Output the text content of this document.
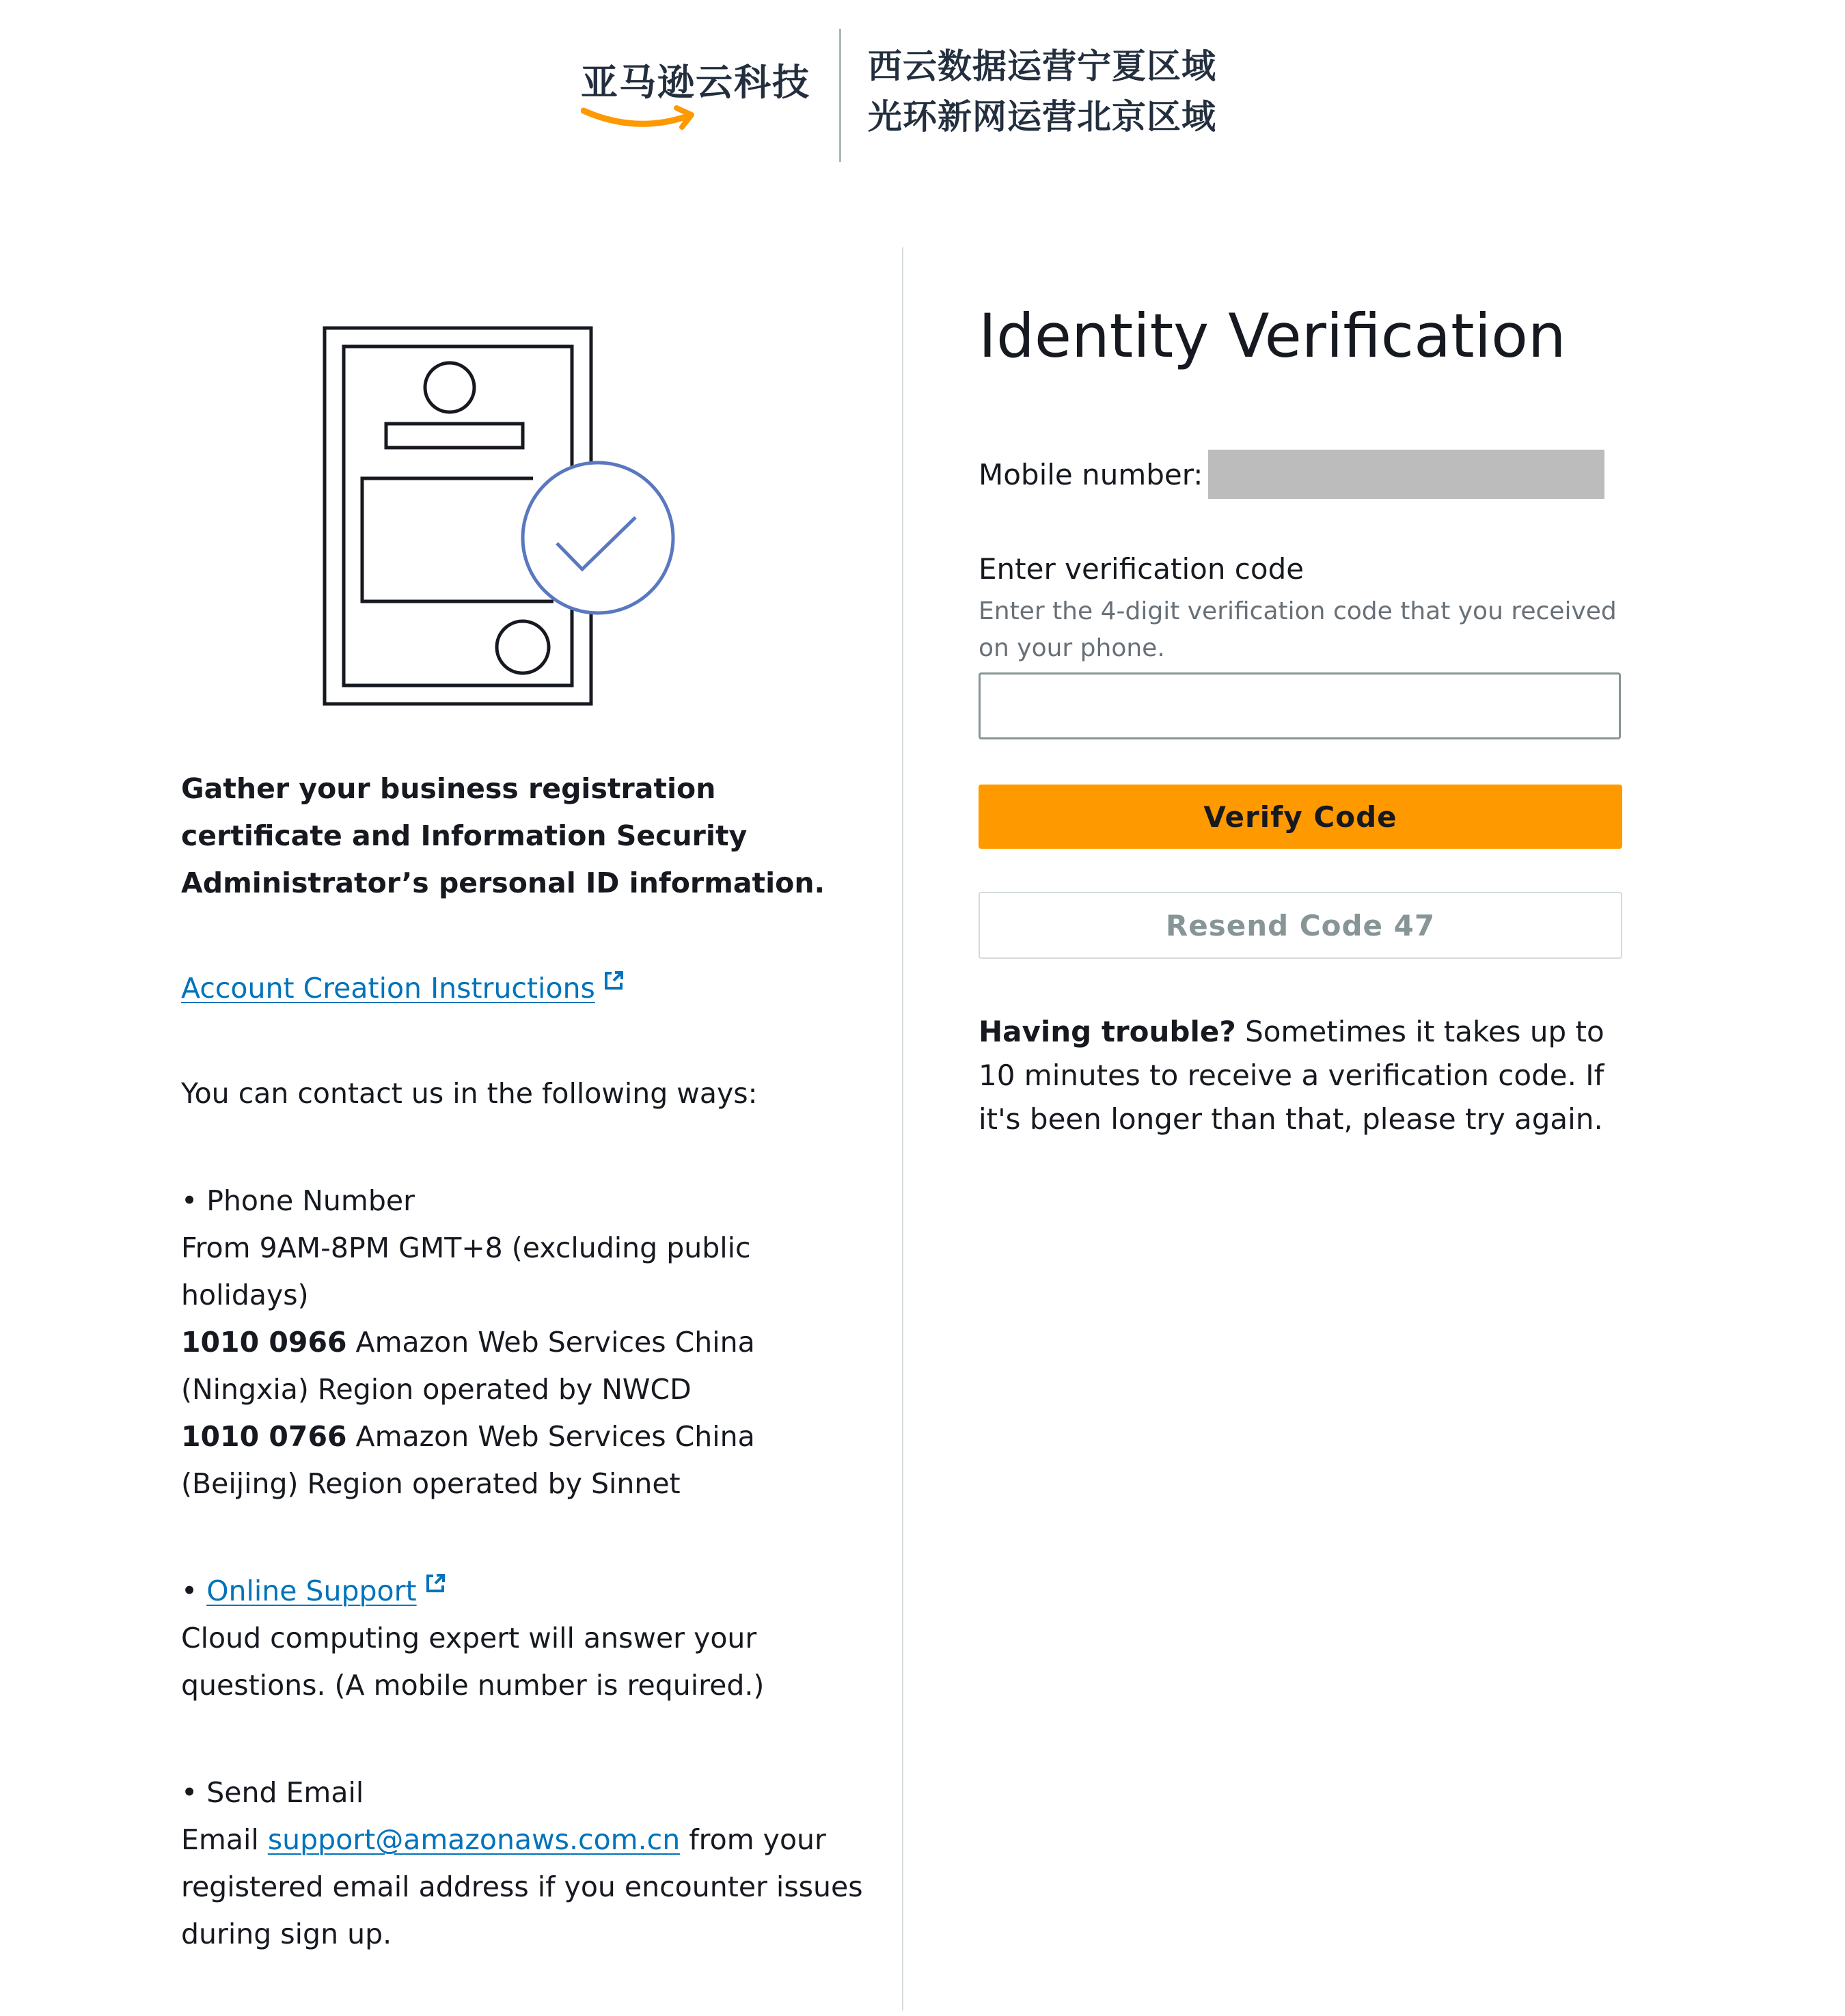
亚马逊云科技 西云数据运营宁夏区域
光环新网运营北京区域

Gather your business registration certificate and Information Security Administrator’s personal ID information.

Account Creation Instructions
You can contact us in the following ways:

• Phone Number

From 9AM-8PM GMT+8 (excluding public holidays)

1010 0966 Amazon Web Services China (Ningxia) Region operated by NWCD

1010 0766 Amazon Web Services China (Beijing) Region operated by Sinnet

• Online Support

Cloud computing expert will answer your questions. (A mobile number is required.)

• Send Email

Email support@amazonaws.com.cn from your registered email address if you encounter issues during sign up.

Identity Verification
Mobile number:
Enter verification code
Enter the 4-digit verification code that you received on your phone.
Verify Code
Resend Code 47

Having trouble? Sometimes it takes up to 10 minutes to receive a verification code. If it's been longer than that, please try again.
